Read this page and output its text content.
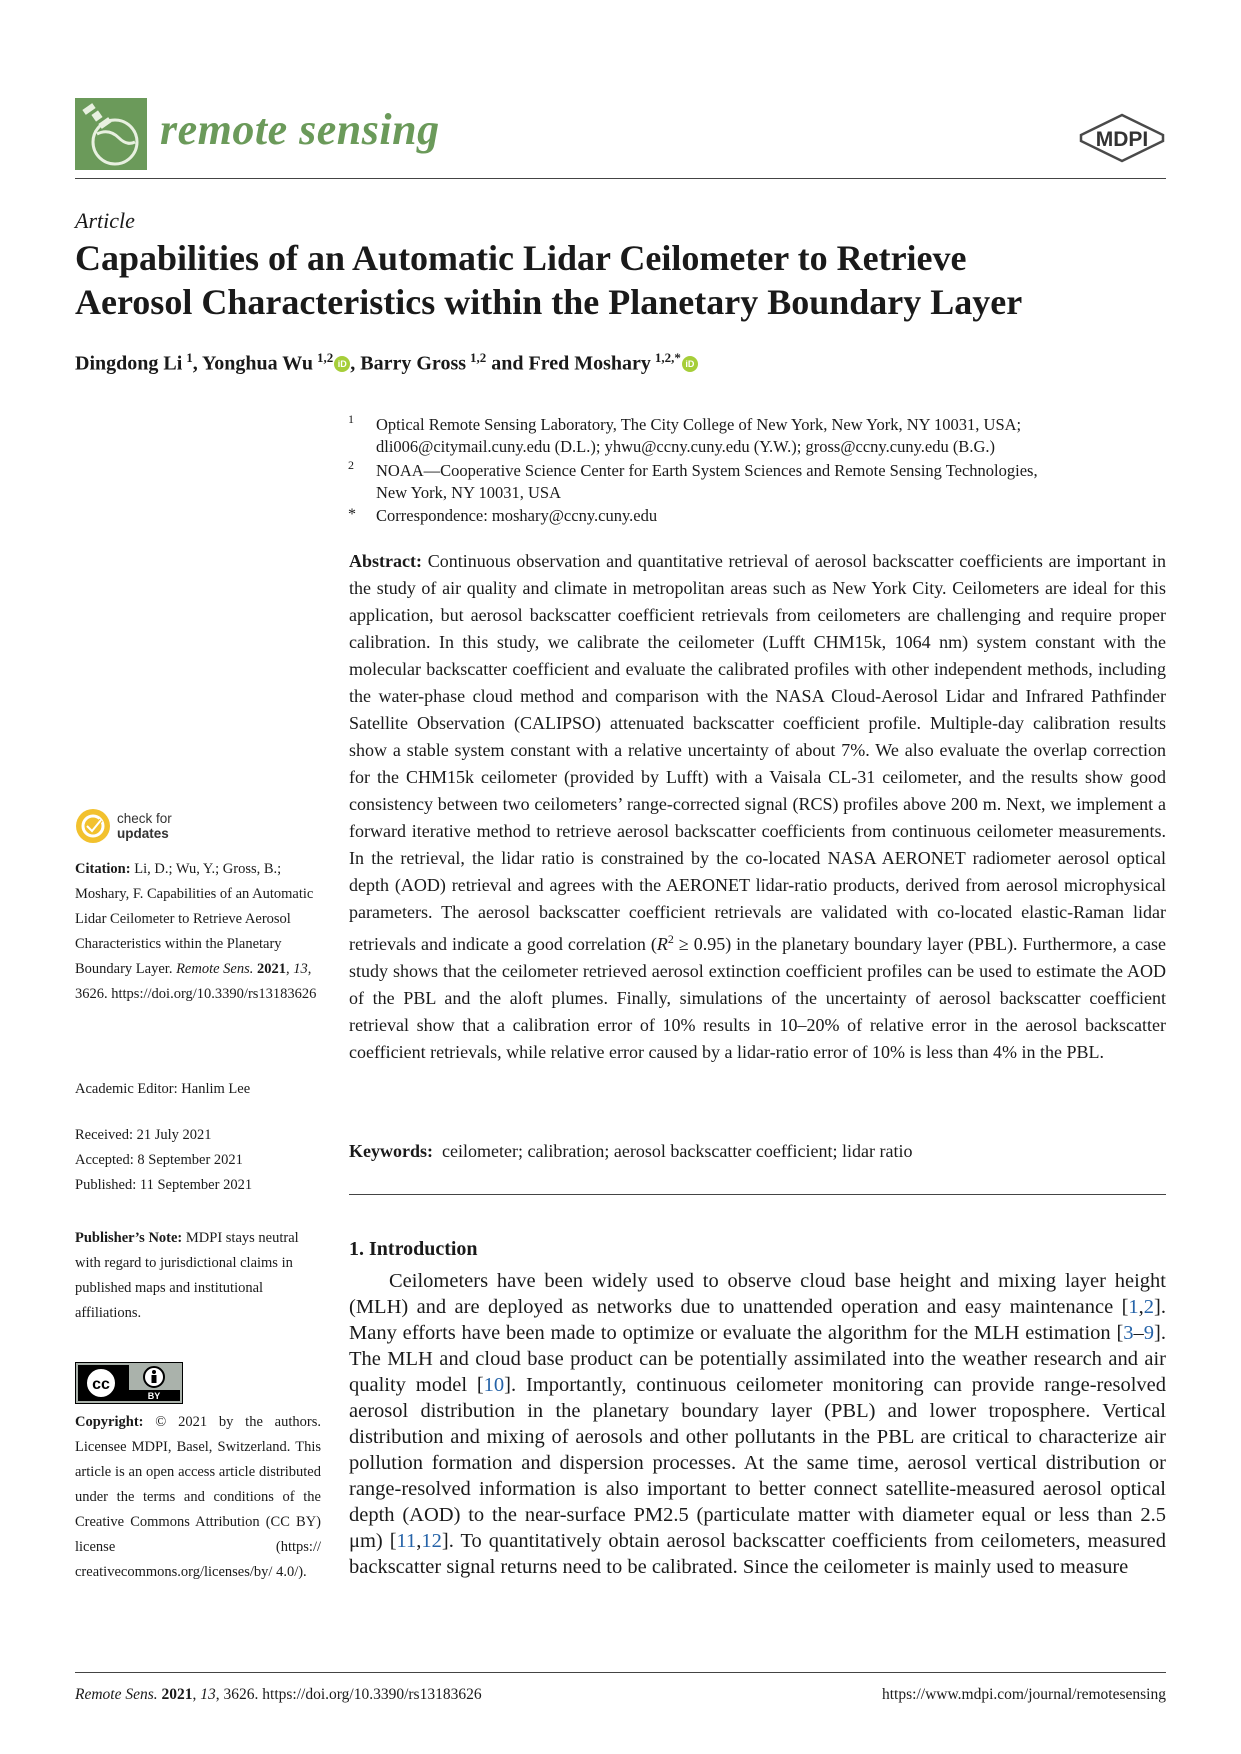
remote sensing	MDPI
Article
Capabilities of an Automatic Lidar Ceilometer to Retrieve
Aerosol Characteristics within the Planetary Boundary Layer
Dingdong Li $^1$, Yonghua Wu $^{1,2}$ iD , Barry Gross $^{1,2}$ and Fred Moshary $^{1,2,*}$ iD
1 Optical Remote Sensing Laboratory, The City College of New York, New York, NY 10031, USA;
dli006@citymail.cuny.edu (D.L.); yhwu@ccny.cuny.edu (Y.W.); gross@ccny.cuny.edu (B.G.)
2 NOAA—Cooperative Science Center for Earth System Sciences and Remote Sensing Technologies,
New York, NY 10031, USA
* Correspondence: moshary@ccny.cuny.edu
Abstract: Continuous observation and quantitative retrieval of aerosol backscatter coefficients are important in the study of air quality and climate in metropolitan areas such as New York City. Ceilometers are ideal for this application, but aerosol backscatter coefficient retrievals from ceilometers are challenging and require proper calibration. In this study, we calibrate the ceilometer (Lufft CHM15k, 1064 nm) system constant with the molecular backscatter coefficient and evaluate the calibrated profiles with other independent methods, including the water-phase cloud method and comparison with the NASA Cloud-Aerosol Lidar and Infrared Pathfinder Satellite Observation (CALIPSO) attenuated backscatter coefficient profile. Multiple-day calibration results show a stable system constant with a relative uncertainty of about 7%. We also evaluate the overlap correction for the CHM15k ceilometer (provided by Lufft) with a Vaisala CL-31 ceilometer, and the results show good consistency between two ceilometers’ range-corrected signal (RCS) profiles above 200 m. Next, we implement a forward iterative method to retrieve aerosol backscatter coefficients from continuous ceilometer measurements. In the retrieval, the lidar ratio is constrained by the co-located NASA AERONET radiometer aerosol optical depth (AOD) retrieval and agrees with the AERONET lidar-ratio products, derived from aerosol microphysical parameters. The aerosol backscatter coefficient retrievals are validated with co-located elastic-Raman lidar retrievals and indicate a good correlation $(R^2 \ge 0.95)$ in the planetary boundary layer (PBL). Furthermore, a case study shows that the ceilometer retrieved aerosol extinction coefficient profiles can be used to estimate the AOD of the PBL and the aloft plumes. Finally, simulations of the uncertainty of aerosol backscatter coefficient retrieval show that a calibration error of 10% results in 10–20% of relative error in the aerosol backscatter coefficient retrievals, while relative error caused by a lidar-ratio error of 10% is less than 4% in the PBL.
Keywords:  ceilometer; calibration; aerosol backscatter coefficient; lidar ratio
1. Introduction
Ceilometers have been widely used to observe cloud base height and mixing layer height (MLH) and are deployed as networks due to unattended operation and easy maintenance [1,2]. Many efforts have been made to optimize or evaluate the algorithm for the MLH estimation [3–9]. The MLH and cloud base product can be potentially assimilated into the weather research and air quality model [10]. Importantly, continuous ceilometer monitoring can provide range-resolved aerosol distribution in the planetary boundary layer (PBL) and lower troposphere. Vertical distribution and mixing of aerosols and other pollutants in the PBL are critical to characterize air pollution formation and dispersion processes. At the same time, aerosol vertical distribution or range-resolved information is also important to better connect satellite-measured aerosol optical depth (AOD) to the near-surface PM2.5 (particulate matter with diameter equal or less than 2.5 μm) [11,12]. To quantitatively obtain aerosol backscatter coefficients from ceilometers, measured backscatter signal returns need to be calibrated. Since the ceilometer is mainly used to measure
check for
updates
Citation: Li, D.; Wu, Y.; Gross, B.; Moshary, F. Capabilities of an Automatic Lidar Ceilometer to Retrieve Aerosol Characteristics within the Planetary Boundary Layer. Remote Sens. 2021, 13, 3626. https://doi.org/10.3390/rs13183626
Academic Editor: Hanlim Lee
Received: 21 July 2021
Accepted: 8 September 2021
Published: 11 September 2021
Publisher’s Note: MDPI stays neutral with regard to jurisdictional claims in published maps and institutional affiliations.
cc
BY
Copyright: © 2021 by the authors. Licensee MDPI, Basel, Switzerland. This article is an open access article distributed under the terms and conditions of the Creative Commons Attribution (CC BY) license (https:// creativecommons.org/licenses/by/ 4.0/).
Remote Sens. 2021, 13, 3626. https://doi.org/10.3390/rs13183626	https://www.mdpi.com/journal/remotesensing
